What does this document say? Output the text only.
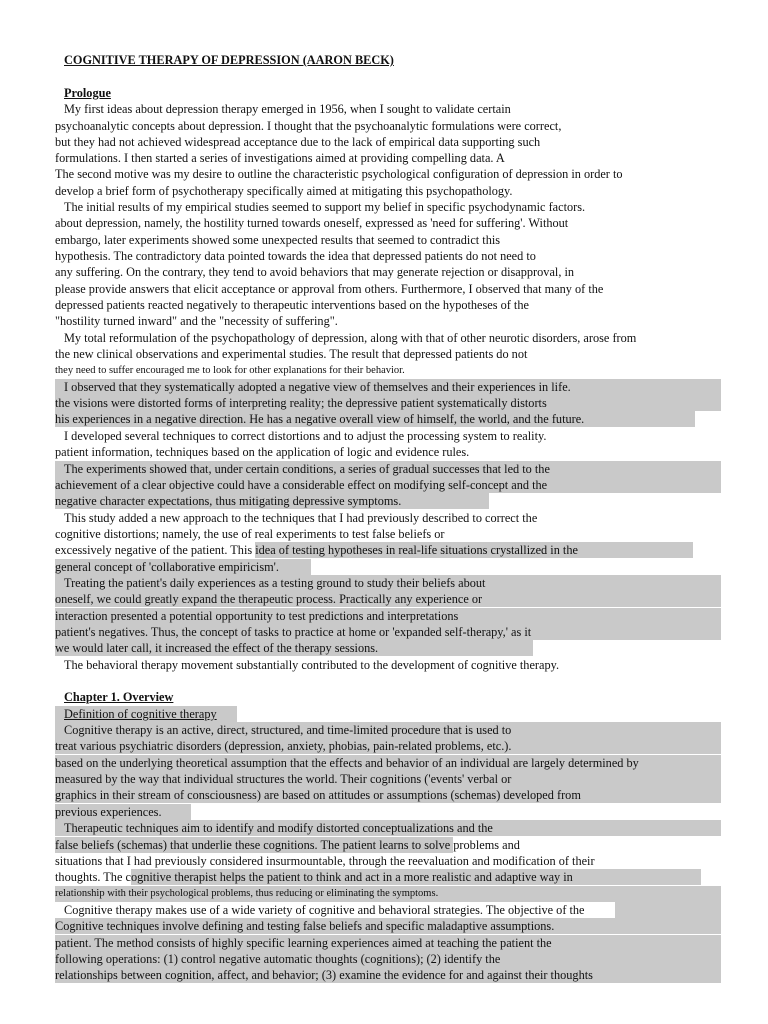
COGNITIVE THERAPY OF DEPRESSION (AARON BECK)
Prologue
My first ideas about depression therapy emerged in 1956, when I sought to validate certain
psychoanalytic concepts about depression. I thought that the psychoanalytic formulations were correct,
but they had not achieved widespread acceptance due to the lack of empirical data supporting such
formulations. I then started a series of investigations aimed at providing compelling data. A
The second motive was my desire to outline the characteristic psychological configuration of depression in order to
develop a brief form of psychotherapy specifically aimed at mitigating this psychopathology.
The initial results of my empirical studies seemed to support my belief in specific psychodynamic factors.
about depression, namely, the hostility turned towards oneself, expressed as 'need for suffering'. Without
embargo, later experiments showed some unexpected results that seemed to contradict this
hypothesis. The contradictory data pointed towards the idea that depressed patients do not need to
any suffering. On the contrary, they tend to avoid behaviors that may generate rejection or disapproval, in
please provide answers that elicit acceptance or approval from others. Furthermore, I observed that many of the
depressed patients reacted negatively to therapeutic interventions based on the hypotheses of the
"hostility turned inward" and the "necessity of suffering".
My total reformulation of the psychopathology of depression, along with that of other neurotic disorders, arose from
the new clinical observations and experimental studies. The result that depressed patients do not
they need to suffer encouraged me to look for other explanations for their behavior.
I observed that they systematically adopted a negative view of themselves and their experiences in life.
the visions were distorted forms of interpreting reality; the depressive patient systematically distorts
his experiences in a negative direction. He has a negative overall view of himself, the world, and the future.
I developed several techniques to correct distortions and to adjust the processing system to reality.
patient information, techniques based on the application of logic and evidence rules.
The experiments showed that, under certain conditions, a series of gradual successes that led to the
achievement of a clear objective could have a considerable effect on modifying self-concept and the
negative character expectations, thus mitigating depressive symptoms.
This study added a new approach to the techniques that I had previously described to correct the
cognitive distortions; namely, the use of real experiments to test false beliefs or
excessively negative of the patient. This idea of testing hypotheses in real-life situations crystallized in the
general concept of 'collaborative empiricism'.
Treating the patient's daily experiences as a testing ground to study their beliefs about
oneself, we could greatly expand the therapeutic process. Practically any experience or
interaction presented a potential opportunity to test predictions and interpretations
patient's negatives. Thus, the concept of tasks to practice at home or 'expanded self-therapy,' as it
we would later call, it increased the effect of the therapy sessions.
The behavioral therapy movement substantially contributed to the development of cognitive therapy.
Chapter 1. Overview
Definition of cognitive therapy
Cognitive therapy is an active, direct, structured, and time-limited procedure that is used to
treat various psychiatric disorders (depression, anxiety, phobias, pain-related problems, etc.).
based on the underlying theoretical assumption that the effects and behavior of an individual are largely determined by
measured by the way that individual structures the world. Their cognitions ('events' verbal or
graphics in their stream of consciousness) are based on attitudes or assumptions (schemas) developed from
previous experiences.
Therapeutic techniques aim to identify and modify distorted conceptualizations and the
false beliefs (schemas) that underlie these cognitions. The patient learns to solve problems and
situations that I had previously considered insurmountable, through the reevaluation and modification of their
thoughts. The cognitive therapist helps the patient to think and act in a more realistic and adaptive way in
relationship with their psychological problems, thus reducing or eliminating the symptoms.
Cognitive therapy makes use of a wide variety of cognitive and behavioral strategies. The objective of the
Cognitive techniques involve defining and testing false beliefs and specific maladaptive assumptions.
patient. The method consists of highly specific learning experiences aimed at teaching the patient the
following operations: (1) control negative automatic thoughts (cognitions); (2) identify the
relationships between cognition, affect, and behavior; (3) examine the evidence for and against their thoughts
